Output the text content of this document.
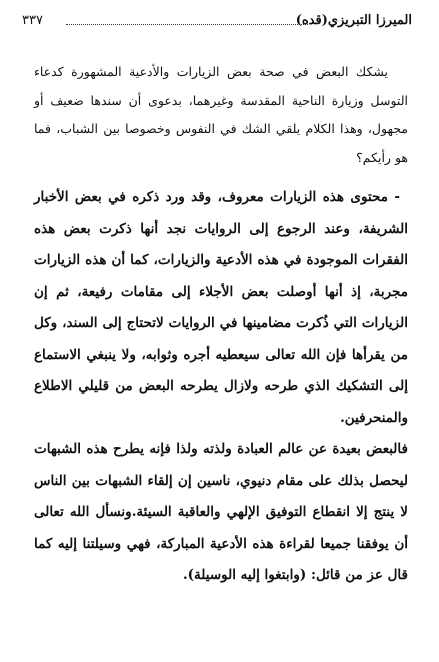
الميرزا التبريزي(قده)
٣٣٧

يشكك البعض في صحة بعض الزيارات والأدعية المشهورة كدعاء التوسل وزيارة الناحية المقدسة وغيرهما، بدعوى أن سندها ضعيف أو مجهول، وهذا الكلام يلقي الشك في النفوس وخصوصا بين الشباب، فما هو رأيكم؟

- محتوى هذه الزيارات معروف، وقد ورد ذكره في بعض الأخبار الشريفة، وعند الرجوع إلى الروايات نجد أنها ذكرت بعض هذه الفقرات الموجودة في هذه الأدعية والزيارات، كما أن هذه الزيارات مجربة، إذ أنها أوصلت بعض الأجلاء إلى مقامات رفيعة، ثم إن الزيارات التي ذُكرت مضامينها في الروايات لاتحتاج إلى السند، وكل من يقرأها فإن الله تعالى سيعطيه أجره وثوابه، ولا ينبغي الاستماع إلى التشكيك الذي طرحه ولازال يطرحه البعض من قليلي الاطلاع والمنحرفين.

فالبعض بعيدة عن عالم العبادة ولذته ولذا فإنه يطرح هذه الشبهات ليحصل بذلك على مقام دنيوي، ناسين إن إلقاء الشبهات بين الناس لا ينتج إلا انقطاع التوفيق الإلهي والعاقبة السيئة.ونسأل الله تعالى أن يوفقنا جميعا لقراءة هذه الأدعية المباركة، فهي وسيلتنا إليه كما قال عز من قائل: (وابتغوا إليه الوسيلة).
